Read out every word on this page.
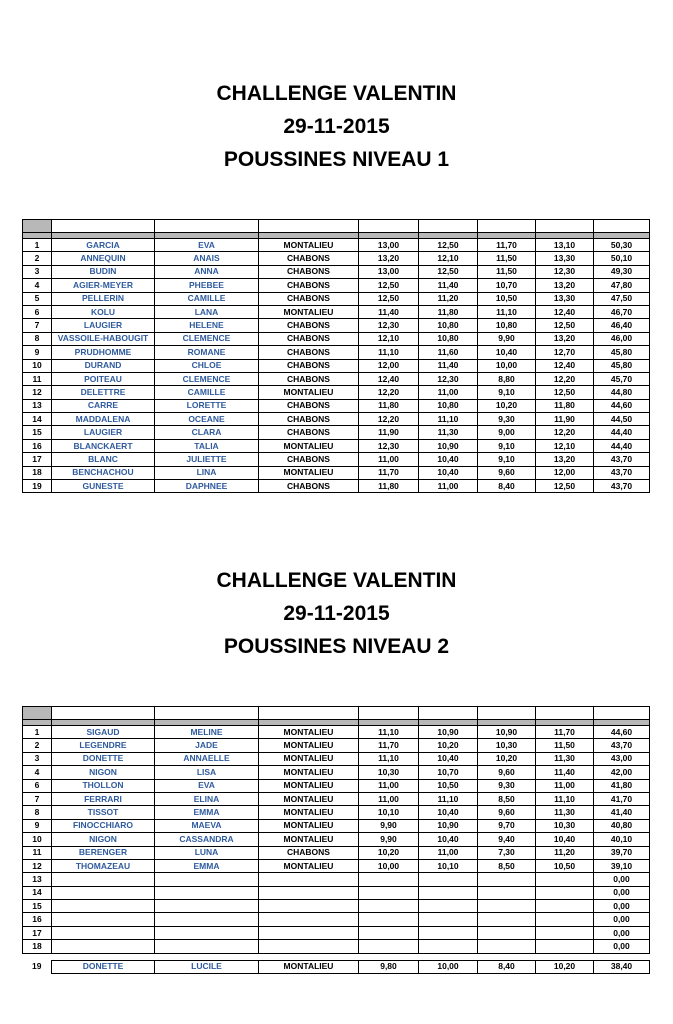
CHALLENGE VALENTIN
29-11-2015
POUSSINES NIVEAU 1

1	GARCIA	EVA	MONTALIEU	13,00	12,50	11,70	13,10	50,30
2	ANNEQUIN	ANAIS	CHABONS	13,20	12,10	11,50	13,30	50,10
3	BUDIN	ANNA	CHABONS	13,00	12,50	11,50	12,30	49,30
4	AGIER-MEYER	PHEBEE	CHABONS	12,50	11,40	10,70	13,20	47,80
5	PELLERIN	CAMILLE	CHABONS	12,50	11,20	10,50	13,30	47,50
6	KOLU	LANA	MONTALIEU	11,40	11,80	11,10	12,40	46,70
7	LAUGIER	HELENE	CHABONS	12,30	10,80	10,80	12,50	46,40
8	VASSOILE-HABOUGIT	CLEMENCE	CHABONS	12,10	10,80	9,90	13,20	46,00
9	PRUDHOMME	ROMANE	CHABONS	11,10	11,60	10,40	12,70	45,80
10	DURAND	CHLOE	CHABONS	12,00	11,40	10,00	12,40	45,80
11	POITEAU	CLEMENCE	CHABONS	12,40	12,30	8,80	12,20	45,70
12	DELETTRE	CAMILLE	MONTALIEU	12,20	11,00	9,10	12,50	44,80
13	CARRE	LORETTE	CHABONS	11,80	10,80	10,20	11,80	44,60
14	MADDALENA	OCEANE	CHABONS	12,20	11,10	9,30	11,90	44,50
15	LAUGIER	CLARA	CHABONS	11,90	11,30	9,00	12,20	44,40
16	BLANCKAERT	TALIA	MONTALIEU	12,30	10,90	9,10	12,10	44,40
17	BLANC	JULIETTE	CHABONS	11,00	10,40	9,10	13,20	43,70
18	BENCHACHOU	LINA	MONTALIEU	11,70	10,40	9,60	12,00	43,70
19	GUNESTE	DAPHNEE	CHABONS	11,80	11,00	8,40	12,50	43,70
CHALLENGE VALENTIN
29-11-2015
POUSSINES NIVEAU 2

1	SIGAUD	MELINE	MONTALIEU	11,10	10,90	10,90	11,70	44,60
2	LEGENDRE	JADE	MONTALIEU	11,70	10,20	10,30	11,50	43,70
3	DONETTE	ANNAELLE	MONTALIEU	11,10	10,40	10,20	11,30	43,00
4	NIGON	LISA	MONTALIEU	10,30	10,70	9,60	11,40	42,00
6	THOLLON	EVA	MONTALIEU	11,00	10,50	9,30	11,00	41,80
7	FERRARI	ELINA	MONTALIEU	11,00	11,10	8,50	11,10	41,70
8	TISSOT	EMMA	MONTALIEU	10,10	10,40	9,60	11,30	41,40
9	FINOCCHIARO	MAEVA	MONTALIEU	9,90	10,90	9,70	10,30	40,80
10	NIGON	CASSANDRA	MONTALIEU	9,90	10,40	9,40	10,40	40,10
11	BERENGER	LUNA	CHABONS	10,20	11,00	7,30	11,20	39,70
12	THOMAZEAU	EMMA	MONTALIEU	10,00	10,10	8,50	10,50	39,10
13								0,00
14								0,00
15								0,00
16								0,00
17								0,00
18								0,00

19	DONETTE	LUCILE	MONTALIEU	9,80	10,00	8,40	10,20	38,40
